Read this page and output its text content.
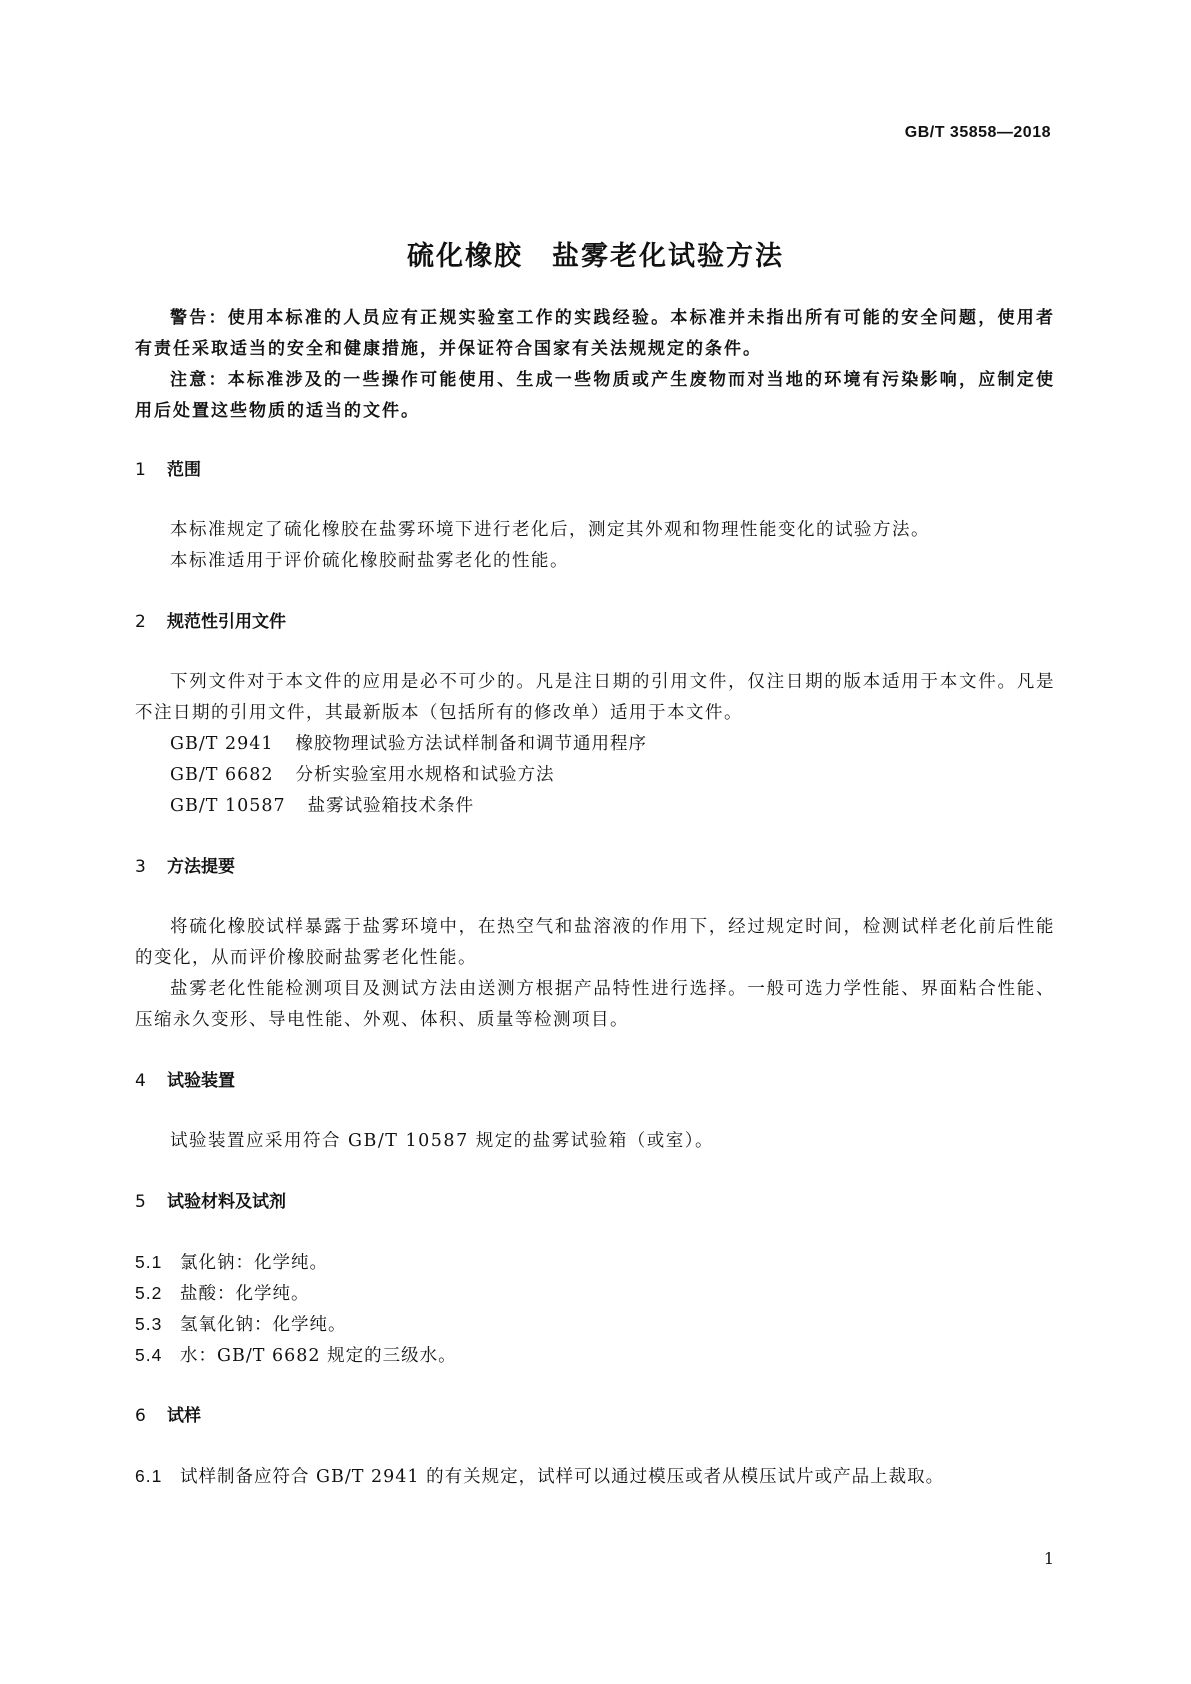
GB/T 35858—2018
硫化橡胶　盐雾老化试验方法

警告：使用本标准的人员应有正规实验室工作的实践经验。本标准并未指出所有可能的安全问题，使用者有责任采取适当的安全和健康措施，并保证符合国家有关法规规定的条件。

注意：本标准涉及的一些操作可能使用、生成一些物质或产生废物而对当地的环境有污染影响，应制定使用后处置这些物质的适当的文件。

1 范围

本标准规定了硫化橡胶在盐雾环境下进行老化后，测定其外观和物理性能变化的试验方法。

本标准适用于评价硫化橡胶耐盐雾老化的性能。

2 规范性引用文件

下列文件对于本文件的应用是必不可少的。凡是注日期的引用文件，仅注日期的版本适用于本文件。凡是不注日期的引用文件，其最新版本（包括所有的修改单）适用于本文件。

GB/T 2941 橡胶物理试验方法试样制备和调节通用程序

GB/T 6682 分析实验室用水规格和试验方法

GB/T 10587 盐雾试验箱技术条件

3 方法提要

将硫化橡胶试样暴露于盐雾环境中，在热空气和盐溶液的作用下，经过规定时间，检测试样老化前后性能的变化，从而评价橡胶耐盐雾老化性能。

盐雾老化性能检测项目及测试方法由送测方根据产品特性进行选择。一般可选力学性能、界面粘合性能、压缩永久变形、导电性能、外观、体积、质量等检测项目。

4 试验装置

试验装置应采用符合 GB/T 10587 规定的盐雾试验箱（或室）。

5 试验材料及试剂

5.1 氯化钠：化学纯。

5.2 盐酸：化学纯。

5.3 氢氧化钠：化学纯。

5.4 水：GB/T 6682 规定的三级水。

6 试样

6.1 试样制备应符合 GB/T 2941 的有关规定，试样可以通过模压或者从模压试片或产品上裁取。

1
